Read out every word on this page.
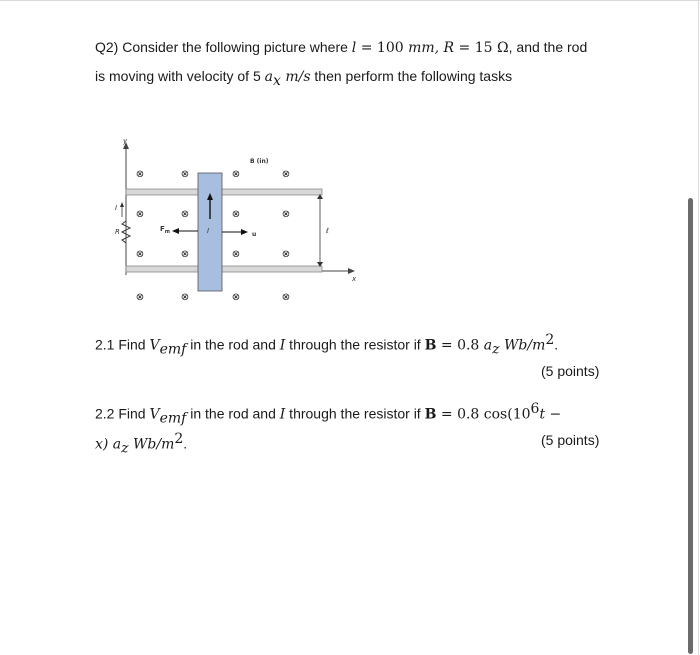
Q2) Consider the following picture where l = 100 mm, R = 15 Ω, and the rod
is moving with velocity of 5 $a_x$ m/s then perform the following tasks
y
x
R
I
I
$F_m$	u	ℓ
B (in)
⊗	⊗	⊗	⊗
⊗	⊗	⊗	⊗
⊗	⊗	⊗	⊗
⊗	⊗	⊗	⊗
2.1 Find $V_{emf}$ in the rod and I through the resistor if B = 0.8 $a_z$ $Wb/m^2$.
(5 points)
2.2 Find $V_{emf}$ in the rod and I through the resistor if B = 0.8 $\cos(10^6t$ −
x) $a_z$ $Wb/m^2$.	(5 points)
